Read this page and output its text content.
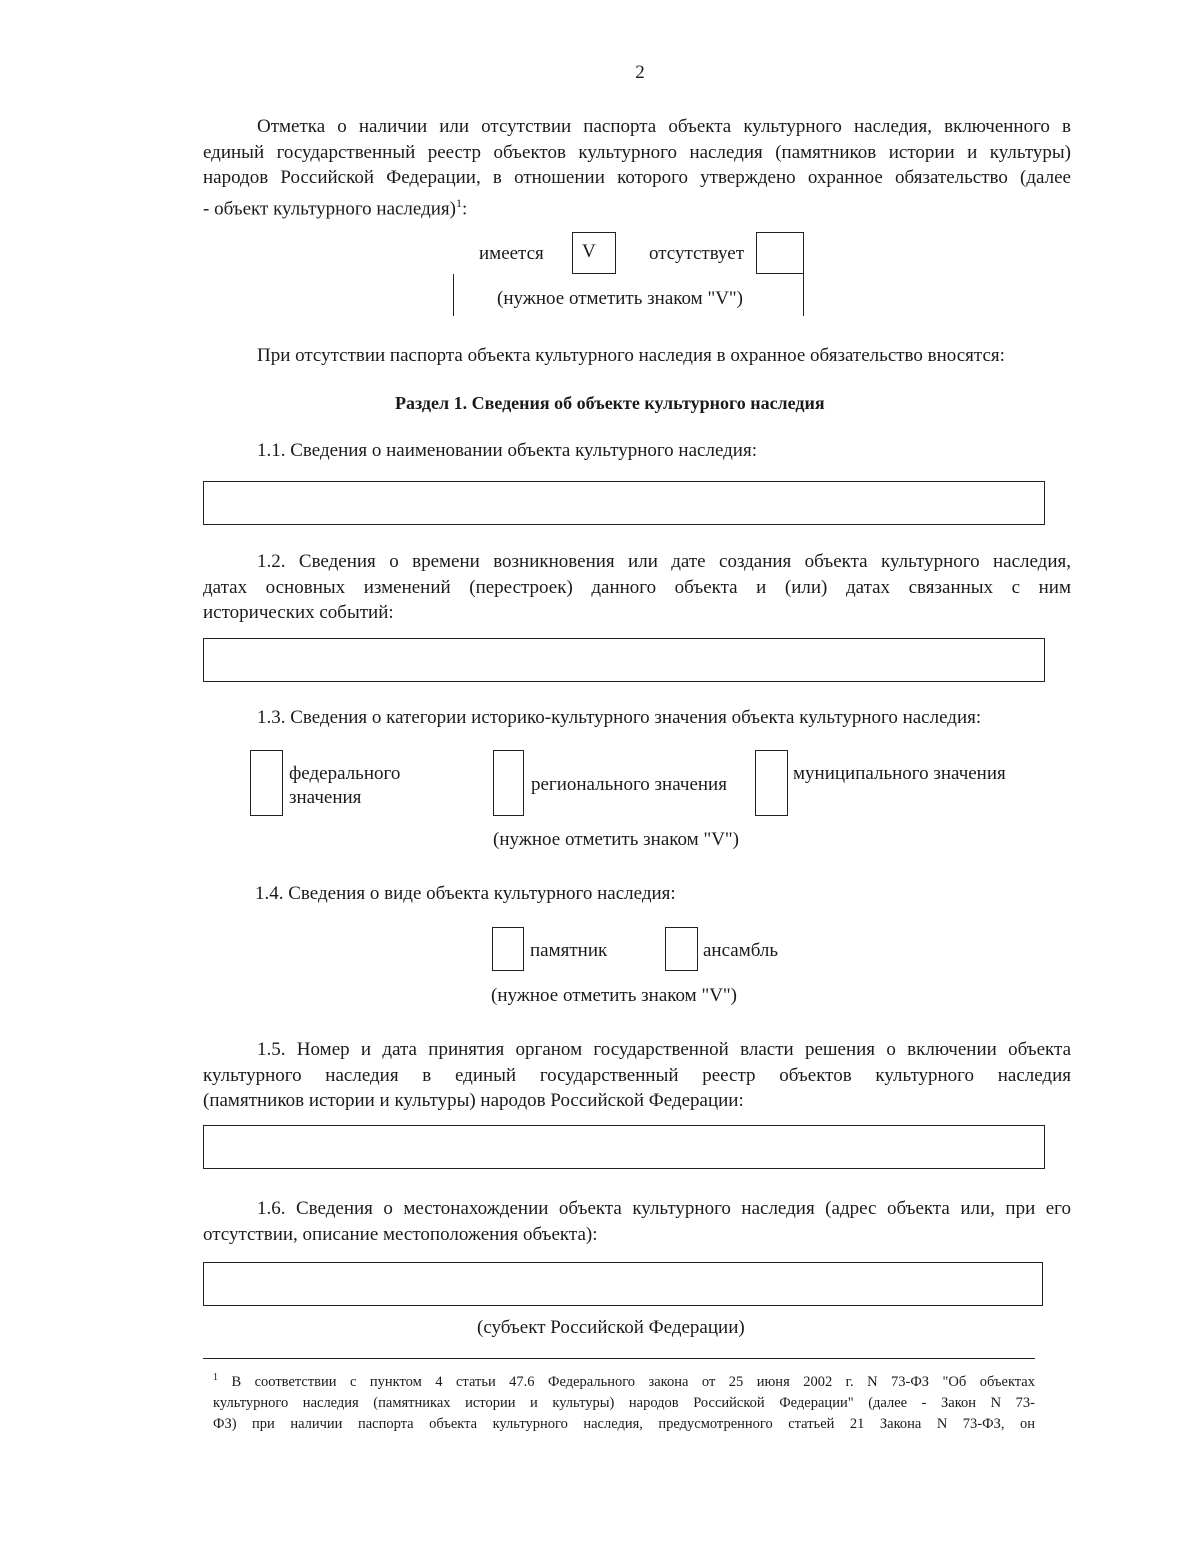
2
Отметка о наличии или отсутствии паспорта объекта культурного наследия, включенного в
единый государственный реестр объектов культурного наследия (памятников истории и культуры)
народов Российской Федерации, в отношении которого утверждено охранное обязательство (далее
- объект культурного наследия)$^1$:
имеется	V	отсутствует
(нужное отметить знаком "V")
При отсутствии паспорта объекта культурного наследия в охранное обязательство вносятся:
Раздел 1. Сведения об объекте культурного наследия
1.1. Сведения о наименовании объекта культурного наследия:
1.2. Сведения о времени возникновения или дате создания объекта культурного наследия,
датах основных изменений (перестроек) данного объекта и (или) датах связанных с ним
исторических событий:
1.3. Сведения о категории историко-культурного значения объекта культурного наследия:
федерального
значения
регионального значения
муниципального значения
(нужное отметить знаком "V")
1.4. Сведения о виде объекта культурного наследия:
памятник	ансамбль
(нужное отметить знаком "V")
1.5. Номер и дата принятия органом государственной власти решения о включении объекта
культурного наследия в единый государственный реестр объектов культурного наследия
(памятников истории и культуры) народов Российской Федерации:
1.6. Сведения о местонахождении объекта культурного наследия (адрес объекта или, при его
отсутствии, описание местоположения объекта):
(субъект Российской Федерации)
$^1$ В соответствии с пунктом 4 статьи 47.6 Федерального закона от 25 июня 2002 г. N 73-ФЗ "Об объектах
культурного наследия (памятниках истории и культуры) народов Российской Федерации" (далее - Закон N 73-
ФЗ) при наличии паспорта объекта культурного наследия, предусмотренного статьей 21 Закона N 73-ФЗ, он
